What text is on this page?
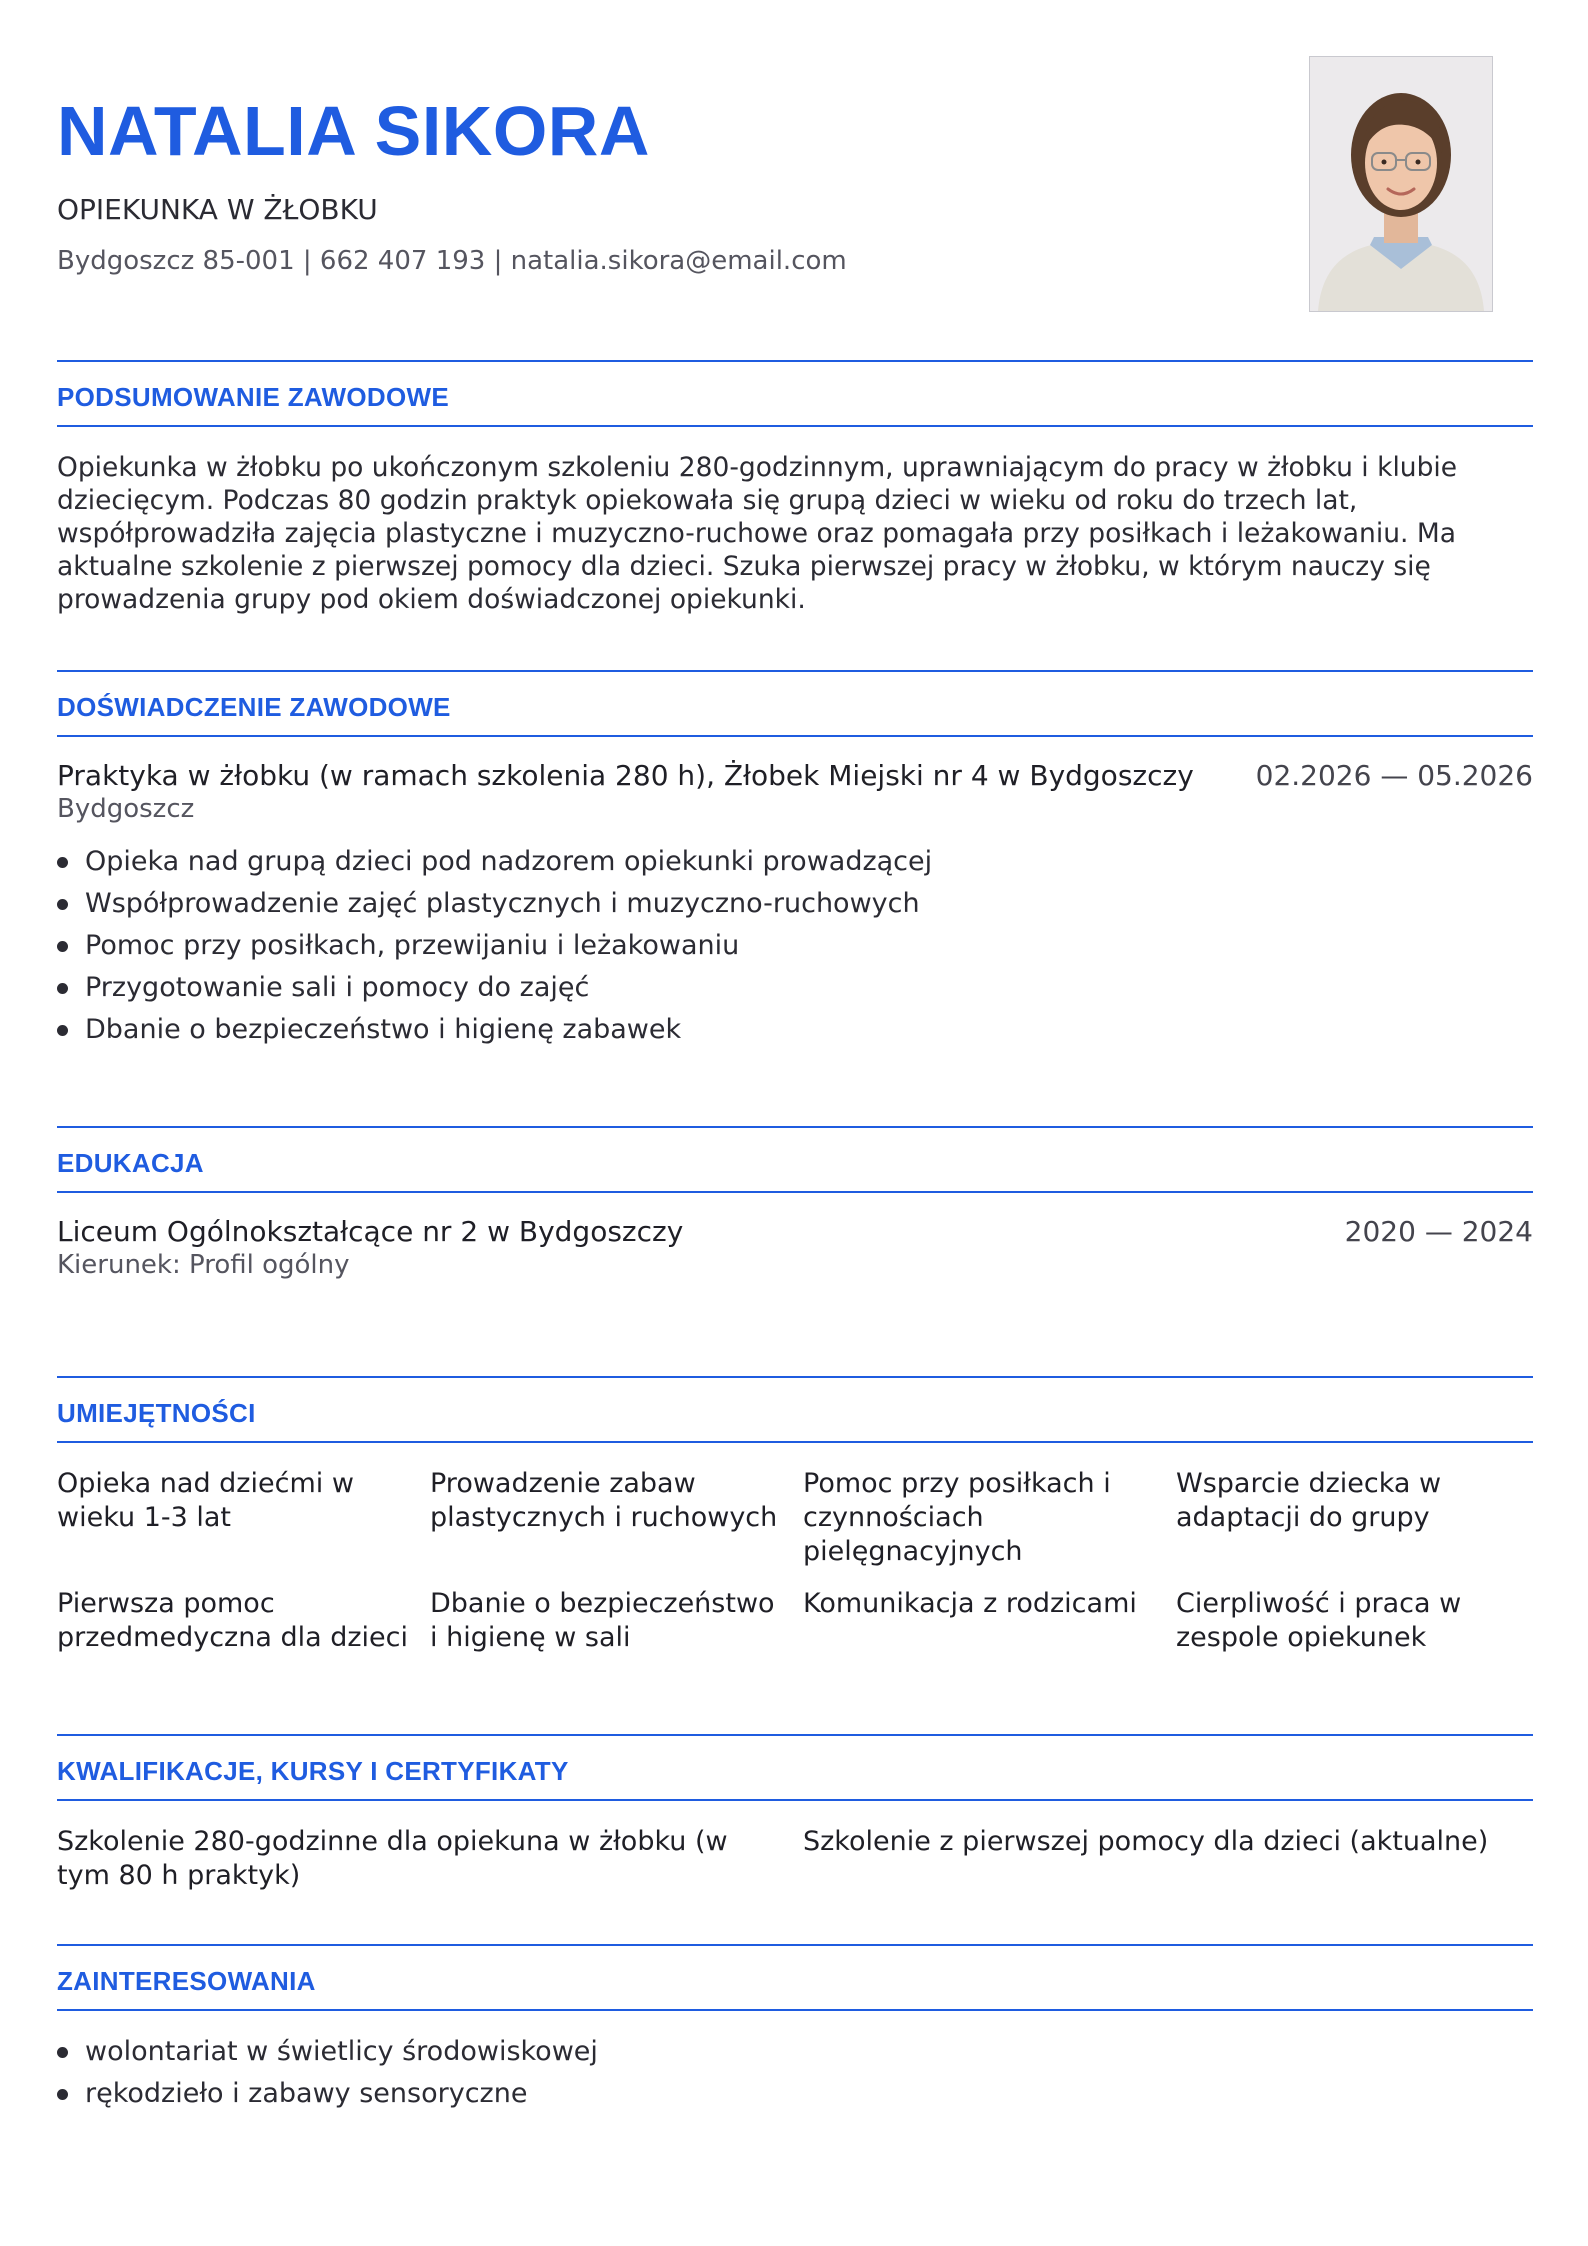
NATALIA SIKORA
OPIEKUNKA W ŻŁOBKU
Bydgoszcz 85-001 | 662 407 193 | natalia.sikora@email.com
PODSUMOWANIE ZAWODOWE
Opiekunka w żłobku po ukończonym szkoleniu 280-godzinnym, uprawniającym do pracy w żłobku i klubie dziecięcym. Podczas 80 godzin praktyk opiekowała się grupą dzieci w wieku od roku do trzech lat, współprowadziła zajęcia plastyczne i muzyczno-ruchowe oraz pomagała przy posiłkach i leżakowaniu. Ma aktualne szkolenie z pierwszej pomocy dla dzieci. Szuka pierwszej pracy w żłobku, w którym nauczy się prowadzenia grupy pod okiem doświadczonej opiekunki.
DOŚWIADCZENIE ZAWODOWE
Praktyka w żłobku (w ramach szkolenia 280 h), Żłobek Miejski nr 4 w Bydgoszczy 02.2026 — 05.2026
Bydgoszcz
Opieka nad grupą dzieci pod nadzorem opiekunki prowadzącej
Współprowadzenie zajęć plastycznych i muzyczno-ruchowych
Pomoc przy posiłkach, przewijaniu i leżakowaniu
Przygotowanie sali i pomocy do zajęć
Dbanie o bezpieczeństwo i higienę zabawek
EDUKACJA
Liceum Ogólnokształcące nr 2 w Bydgoszczy	2020 — 2024
Kierunek: Profil ogólny
UMIEJĘTNOŚCI
Opieka nad dziećmi w wieku 1-3 lat
Prowadzenie zabaw plastycznych i ruchowych
Pomoc przy posiłkach i czynnościach pielęgnacyjnych
Wsparcie dziecka w adaptacji do grupy
Pierwsza pomoc przedmedyczna dla dzieci
Dbanie o bezpieczeństwo i higienę w sali
Komunikacja z rodzicami	Cierpliwość i praca w zespole opiekunek
KWALIFIKACJE, KURSY I CERTYFIKATY
Szkolenie 280-godzinne dla opiekuna w żłobku (w tym 80 h praktyk)
Szkolenie z pierwszej pomocy dla dzieci (aktualne)
ZAINTERESOWANIA
wolontariat w świetlicy środowiskowej
rękodzieło i zabawy sensoryczne
